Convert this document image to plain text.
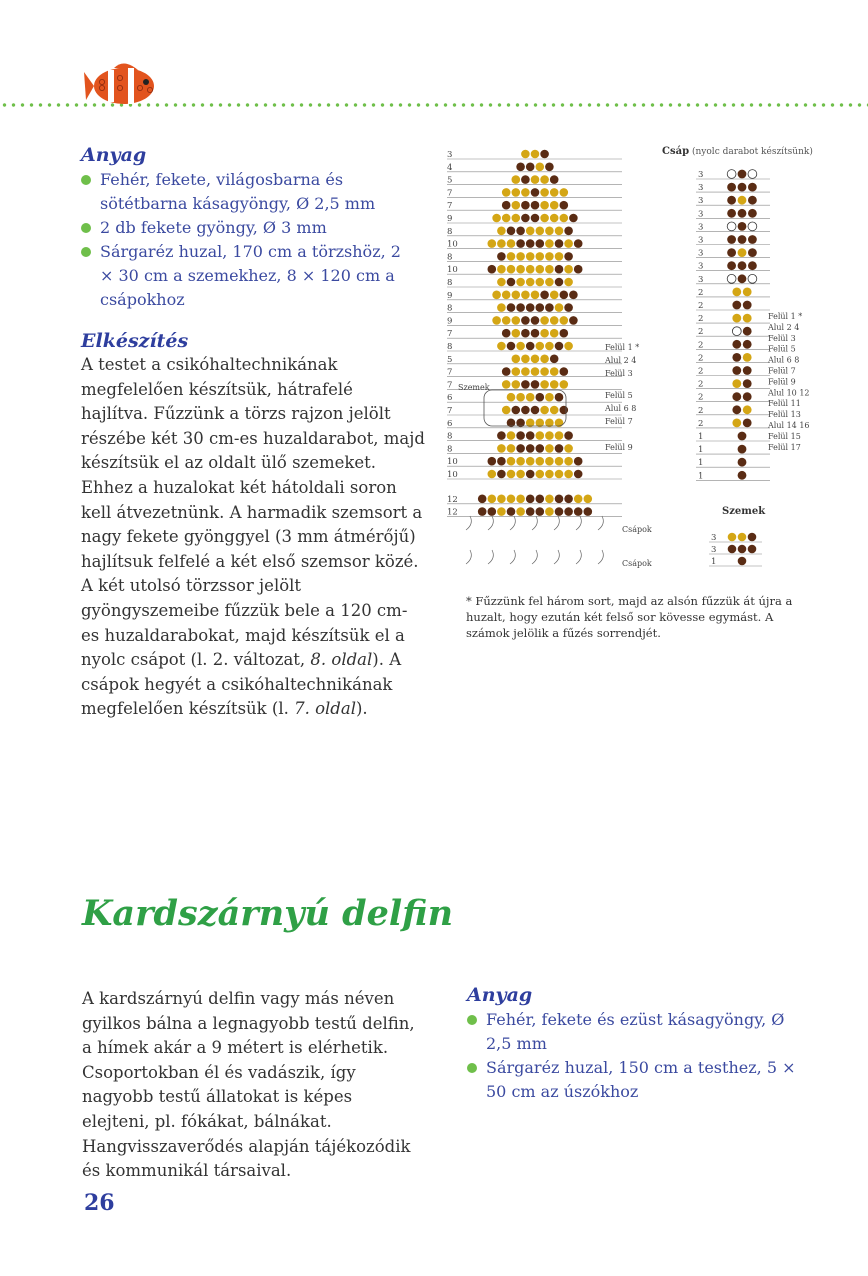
Anyag
Fehér, fekete, világosbarna és sötétbarna kásagyöngy, Ø 2,5 mm
2 db fekete gyöngy, Ø 3 mm
Sárgaréz huzal, 170 cm a törzshöz, 2 × 30 cm a szemekhez, 8 × 120 cm a csápokhoz
Elkészítés
A testet a csikóhaltechnikának megfelelően készítsük, hátrafelé hajlítva. Fűzzünk a törzs rajzon jelölt részébe két 30 cm-es huzaldarabot, majd készítsük el az oldalt ülő szemeket. Ehhez a huzalokat két hátoldali soron kell átvezetnünk. A harmadik szemsort a nagy fekete gyönggyel (3 mm átmérőjű) hajlítsuk felfelé a két első szemsor közé. A két utolsó törzssor jelölt gyöngyszemeibe fűzzük bele a 120 cm-es huzaldarabokat, majd készítsük el a nyolc csápot (l. 2. változat, 8. oldal). A csápok hegyét a csikóhaltechnikának megfelelően készítsük (l. 7. oldal).
3
4
5
7
7
9
8
10
8
10
8
9
8
9
7
8
5
7
7
6
7
6
8
8
10
10
12
12
Felül 1 *
Alul 2 4
Felül 3
Szemek
Felül 5
Alul 6 8
Felül 7
Felül 9
Csápok
Csápok
Csáp (nyolc darabot készítsünk)
3
3
3
3
3
3
3
3
3
2
2
2
2
2
2
2
2
2
2
2
1
1
1
1
Felül 1 *
Alul 2 4
Felül 3
Felül 5
Alul 6 8
Felül 7
Felül 9
Alul 10 12
Felül 11
Felül 13
Alul 14 16
Felül 15
Felül 17
Szemek
3
3
1
* Fűzzünk fel három sort, majd az alsón fűzzük át újra a huzalt, hogy ezután két felső sor kövesse egymást. A számok jelölik a fűzés sorrendjét.
Kardszárnyú delfin
A kardszárnyú delfin vagy más néven gyilkos bálna a legnagyobb testű delfin, a hímek akár a 9 métert is elérhetik. Csoportokban él és vadászik, így nagyobb testű állatokat is képes elejteni, pl. fókákat, bálnákat. Hangvisszaverődés alapján tájékozódik és kommunikál társaival.
Anyag
Fehér, fekete és ezüst kásagyöngy, Ø 2,5 mm
Sárgaréz huzal, 150 cm a testhez, 5 × 50 cm az úszókhoz
26
